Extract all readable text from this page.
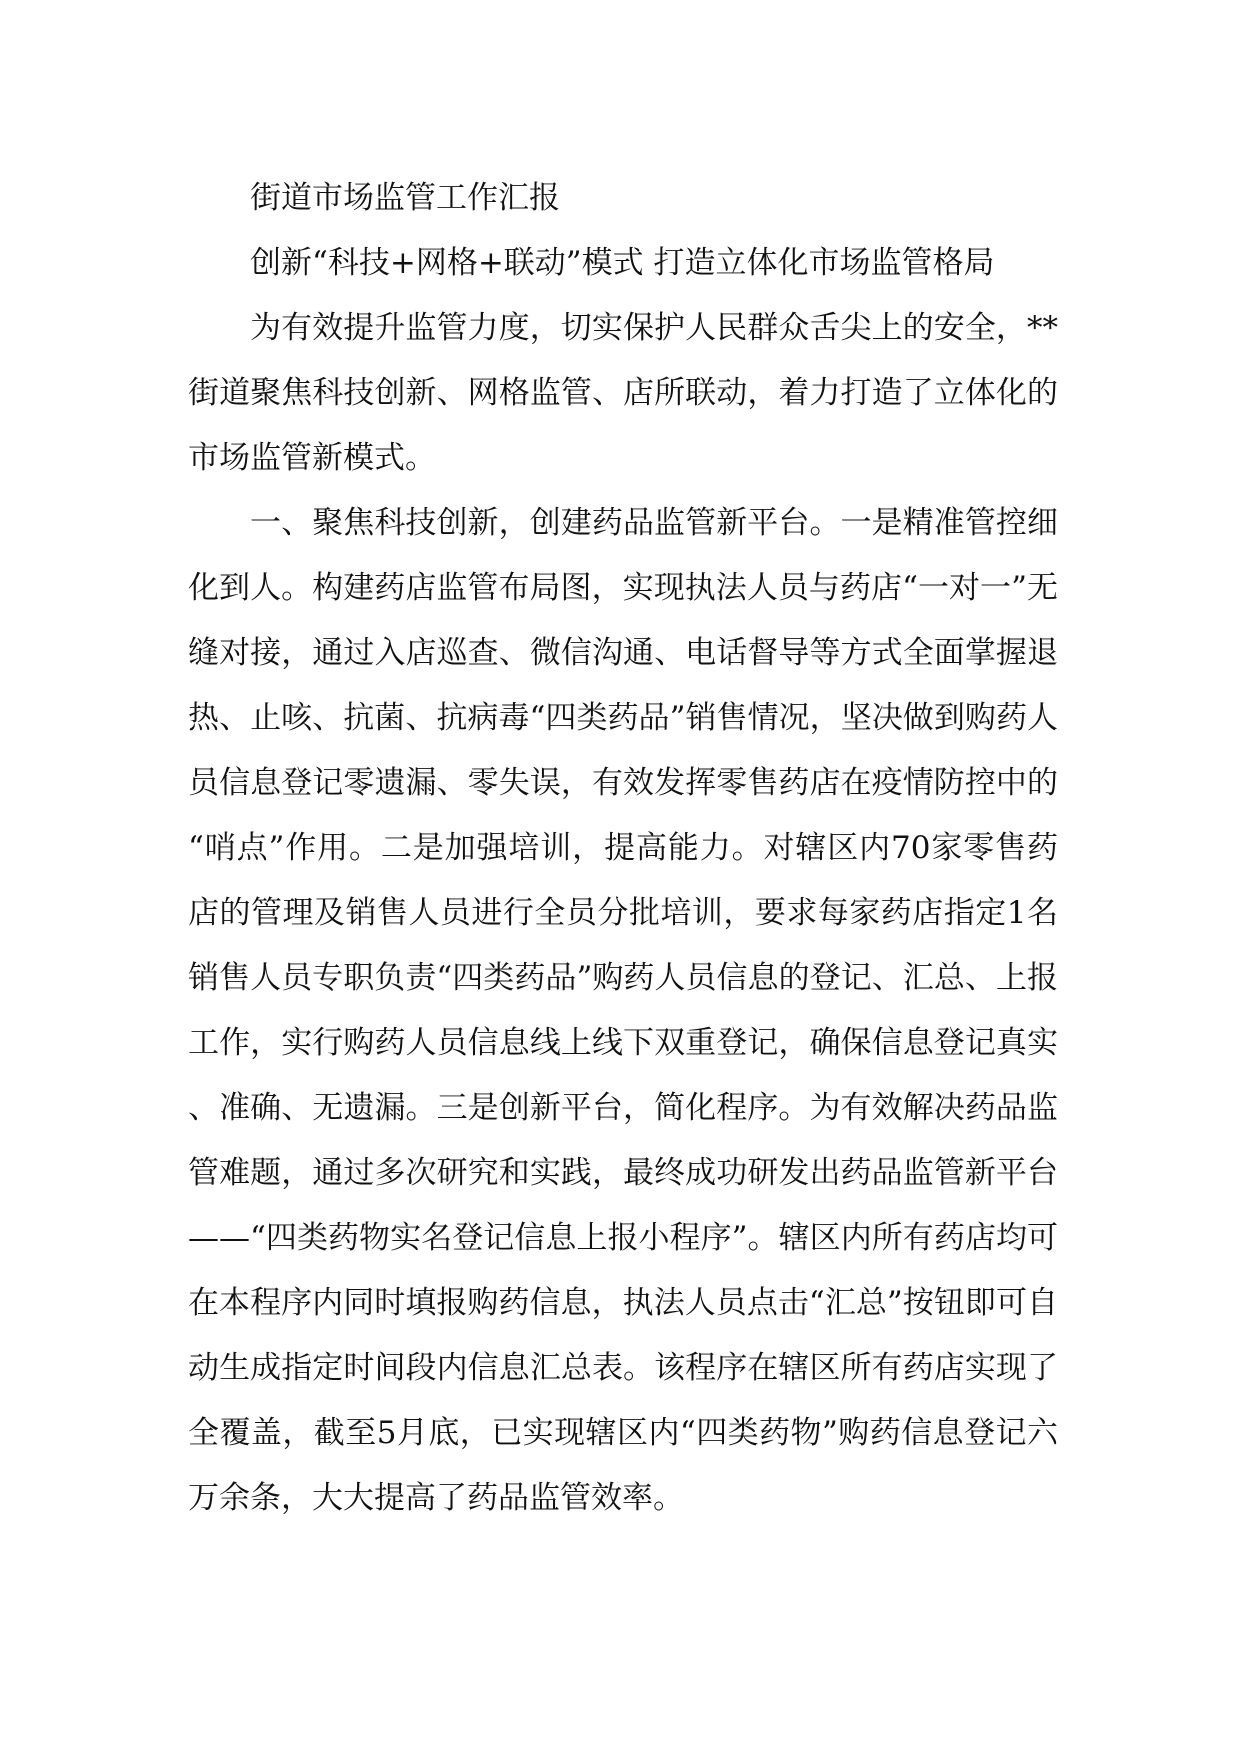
街道市场监管工作汇报

创新“科技+网格+联动”模式 打造立体化市场监管格局

为有效提升监管力度，切实保护人民群众舌尖上的安全，**街道聚焦科技创新、网格监管、店所联动，着力打造了立体化的市场监管新模式。

一、聚焦科技创新，创建药品监管新平台。一是精准管控细化到人。构建药店监管布局图，实现执法人员与药店“一对一”无缝对接，通过入店巡查、微信沟通、电话督导等方式全面掌握退热、止咳、抗菌、抗病毒“四类药品”销售情况，坚决做到购药人员信息登记零遗漏、零失误，有效发挥零售药店在疫情防控中的“哨点”作用。二是加强培训，提高能力。对辖区内70家零售药店的管理及销售人员进行全员分批培训，要求每家药店指定1名销售人员专职负责“四类药品”购药人员信息的登记、汇总、上报工作，实行购药人员信息线上线下双重登记，确保信息登记真实、准确、无遗漏。三是创新平台，简化程序。为有效解决药品监管难题，通过多次研究和实践，最终成功研发出药品监管新平台——“四类药物实名登记信息上报小程序”。辖区内所有药店均可在本程序内同时填报购药信息，执法人员点击“汇总”按钮即可自动生成指定时间段内信息汇总表。该程序在辖区所有药店实现了全覆盖，截至5月底，已实现辖区内“四类药物”购药信息登记六万余条，大大提高了药品监管效率。
